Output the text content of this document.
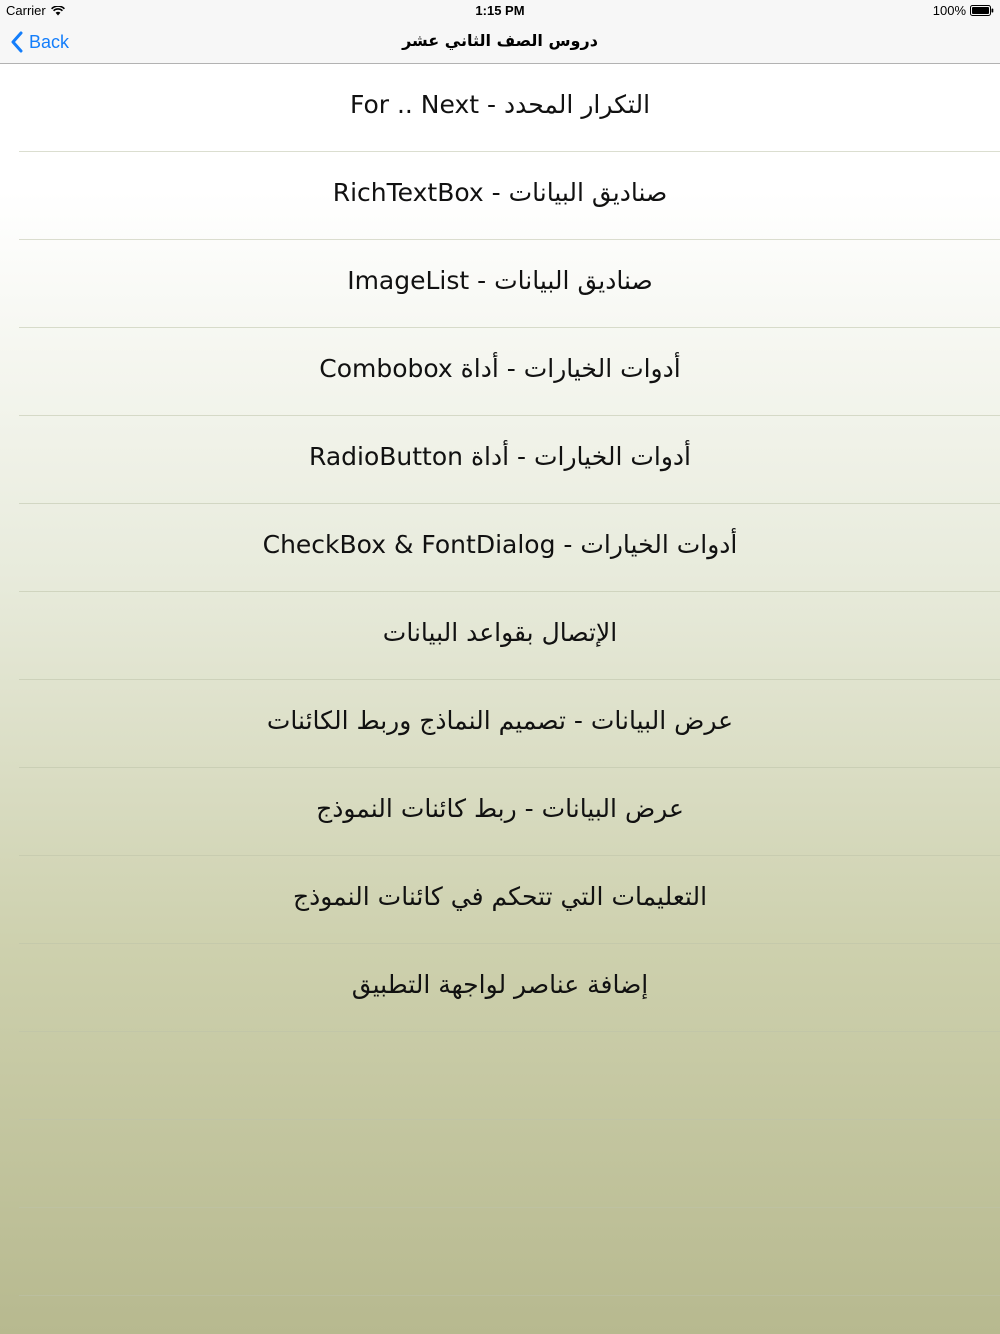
Carrier	1:15 PM	100%
Back	دروس الصف الثاني عشر
التكرار المحدد - For .. Next
صناديق البيانات - RichTextBox
صناديق البيانات - ImageList
أدوات الخيارات - أداة Combobox
أدوات الخيارات - أداة RadioButton
أدوات الخيارات - CheckBox & FontDialog
الإتصال بقواعد البيانات
عرض البيانات - تصميم النماذج وربط الكائنات
عرض البيانات - ربط كائنات النموذج
التعليمات التي تتحكم في كائنات النموذج
إضافة عناصر لواجهة التطبيق
